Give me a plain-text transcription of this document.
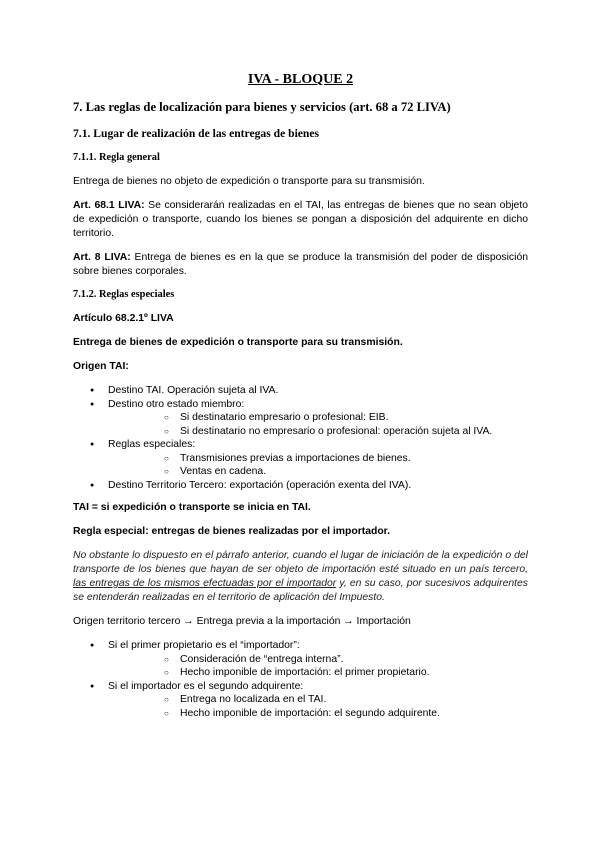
IVA - BLOQUE 2
7. Las reglas de localización para bienes y servicios (art. 68 a 72 LIVA)
7.1. Lugar de realización de las entregas de bienes
7.1.1. Regla general

Entrega de bienes no objeto de expedición o transporte para su transmisión.

Art. 68.1 LIVA: Se considerarán realizadas en el TAI, las entregas de bienes que no sean objeto de expedición o transporte, cuando los bienes se pongan a disposición del adquirente en dicho territorio.

Art. 8 LIVA: Entrega de bienes es en la que se produce la transmisión del poder de disposición sobre bienes corporales.

7.1.2. Reglas especiales

Artículo 68.2.1º LIVA

Entrega de bienes de expedición o transporte para su transmisión.

Origen TAI:

● Destino TAI. Operación sujeta al IVA.
● Destino otro estado miembro:
○ Si destinatario empresario o profesional: EIB.
○ Si destinatario no empresario o profesional: operación sujeta al IVA.
● Reglas especiales:
○ Transmisiones previas a importaciones de bienes.
○ Ventas en cadena.
● Destino Territorio Tercero: exportación (operación exenta del IVA).

TAI = si expedición o transporte se inicia en TAI.

Regla especial: entregas de bienes realizadas por el importador.

No obstante lo dispuesto en el párrafo anterior, cuando el lugar de iniciación de la expedición o del transporte de los bienes que hayan de ser objeto de importación esté situado en un país tercero, las entregas de los mismos efectuadas por el importador y, en su caso, por sucesivos adquirentes se entenderán realizadas en el territorio de aplicación del Impuesto.

Origen territorio tercero → Entrega previa a la importación → Importación

● Si el primer propietario es el “importador”:
○ Consideración de “entrega interna”.
○ Hecho imponible de importación: el primer propietario.
● Si el importador es el segundo adquirente:
○ Entrega no localizada en el TAI.
○ Hecho imponible de importación: el segundo adquirente.
